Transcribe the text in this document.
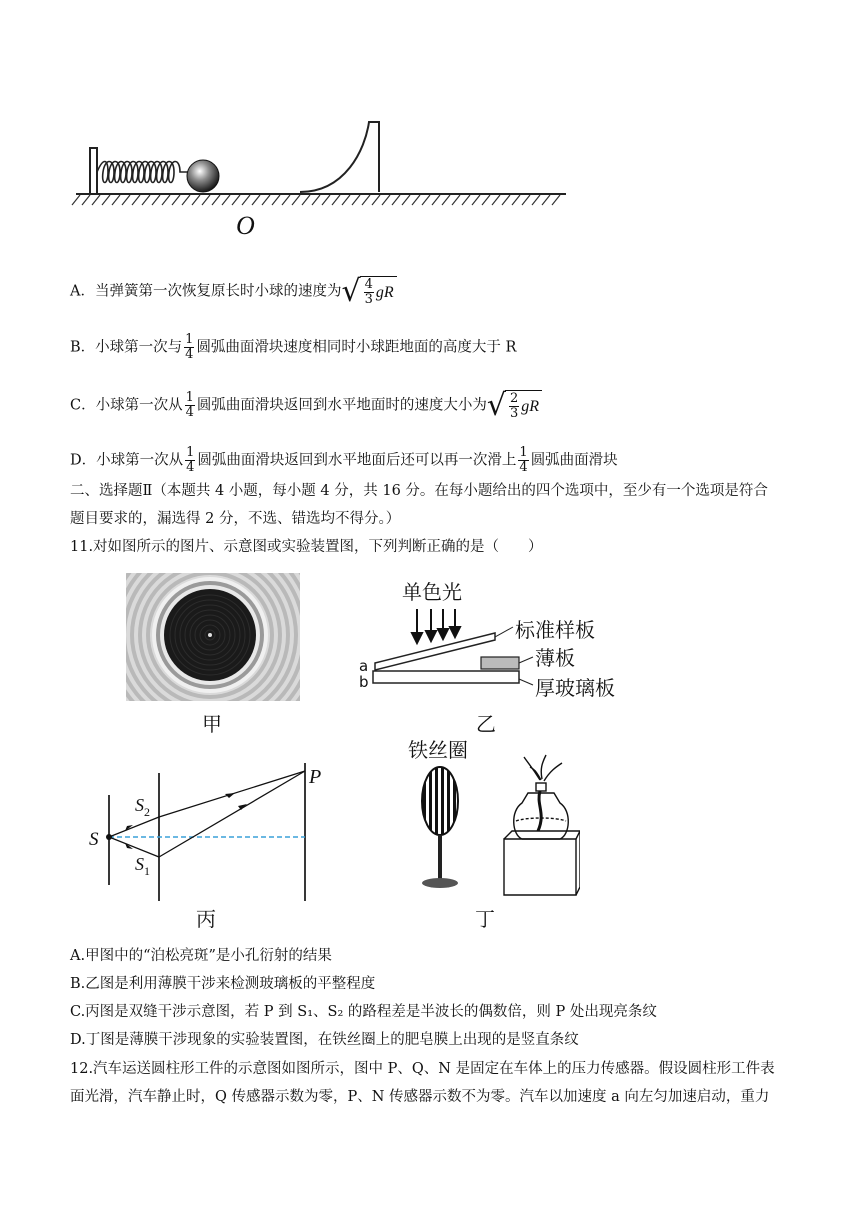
O
A．当弹簧第一次恢复原长时小球的速度为 √ $\frac{4}{3}$ gR
B．小球第一次与 $\frac{1}{4}$ 圆弧曲面滑块速度相同时小球距地面的高度大于 R
C．小球第一次从 $\frac{1}{4}$ 圆弧曲面滑块返回到水平地面时的速度大小为 √ $\frac{2}{3}$ gR
D．小球第一次从 $\frac{1}{4}$ 圆弧曲面滑块返回到水平地面后还可以再一次滑上 $\frac{1}{4}$ 圆弧曲面滑块
二、选择题Ⅱ（本题共 4 小题，每小题 4 分，共 16 分。在每小题给出的四个选项中，至少有一个选项是符合
题目要求的，漏选得 2 分，不选、错选均不得分。）
11.对如图所示的图片、示意图或实验装置图，下列判断正确的是（　　）
甲
单色光
标准样板
薄板
厚玻璃板
a
b
乙
S
$S_2$
$S_1$
P
丙
铁丝圈
丁
A.甲图中的“泊松亮斑”是小孔衍射的结果
B.乙图是利用薄膜干涉来检测玻璃板的平整程度
C.丙图是双缝干涉示意图，若 P 到 S₁、S₂ 的路程差是半波长的偶数倍，则 P 处出现亮条纹
D.丁图是薄膜干涉现象的实验装置图，在铁丝圈上的肥皂膜上出现的是竖直条纹
12.汽车运送圆柱形工件的示意图如图所示，图中 P、Q、N 是固定在车体上的压力传感器。假设圆柱形工件表
面光滑，汽车静止时，Q 传感器示数为零，P、N 传感器示数不为零。汽车以加速度 a 向左匀加速启动，重力
